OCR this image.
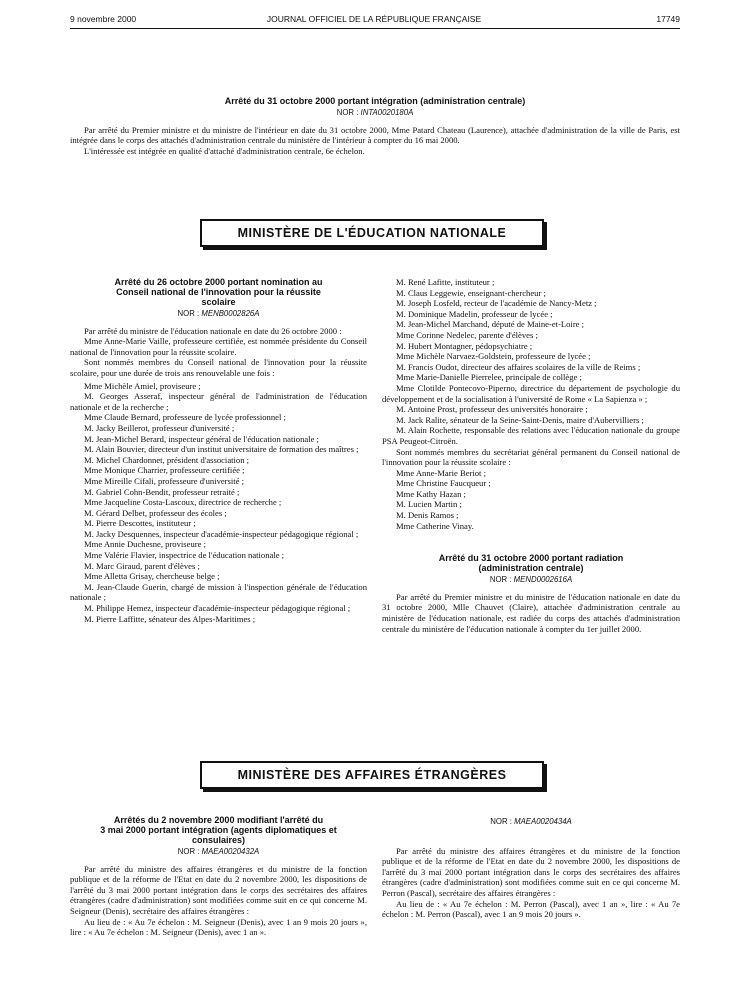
9 novembre 2000	JOURNAL OFFICIEL DE LA RÉPUBLIQUE FRANÇAISE	17749

Arrêté du 31 octobre 2000 portant intégration (administration centrale)

NOR : INTA0020180A

Par arrêté du Premier ministre et du ministre de l'intérieur en date du 31 octobre 2000, Mme Patard Chateau (Laurence), attachée d'administration de la ville de Paris, est intégrée dans le corps des attachés d'administration centrale du ministère de l'intérieur à compter du 16 mai 2000.

L'intéressée est intégrée en qualité d'attaché d'administration centrale, 6e échelon.

MINISTÈRE DE L'ÉDUCATION NATIONALE

Arrêté du 26 octobre 2000 portant nomination au

Conseil national de l'innovation pour la réussite

scolaire

NOR : MENB0002826A

Par arrêté du ministre de l'éducation nationale en date du 26 octobre 2000 :

Mme Anne-Marie Vaille, professeure certifiée, est nommée présidente du Conseil national de l'innovation pour la réussite scolaire.

Sont nommés membres du Conseil national de l'innovation pour la réussite scolaire, pour une durée de trois ans renouvelable une fois :

Mme Michèle Amiel, proviseure ;

M. Georges Asseraf, inspecteur général de l'administration de l'éducation nationale et de la recherche ;

Mme Claude Bernard, professeure de lycée professionnel ;

M. Jacky Beillerot, professeur d'université ;

M. Jean-Michel Berard, inspecteur général de l'éducation nationale ;

M. Alain Bouvier, directeur d'un institut universitaire de formation des maîtres ;

M. Michel Chardonnet, président d'association ;

Mme Monique Charrier, professeure certifiée ;

Mme Mireille Cifali, professeure d'université ;

M. Gabriel Cohn-Bendit, professeur retraité ;

Mme Jacqueline Costa-Lascoux, directrice de recherche ;

M. Gérard Delbet, professeur des écoles ;

M. Pierre Descottes, instituteur ;

M. Jacky Desquennes, inspecteur d'académie-inspecteur pédagogique régional ;

Mme Annie Duchesne, proviseure ;

Mme Valérie Flavier, inspectrice de l'éducation nationale ;

M. Marc Giraud, parent d'élèves ;

Mme Alletta Grisay, chercheuse belge ;

M. Jean-Claude Guerin, chargé de mission à l'inspection générale de l'éducation nationale ;

M. Philippe Hemez, inspecteur d'académie-inspecteur pédagogique régional ;

M. Pierre Laffitte, sénateur des Alpes-Maritimes ;

M. René Lafitte, instituteur ;

M. Claus Leggewie, enseignant-chercheur ;

M. Joseph Losfeld, recteur de l'académie de Nancy-Metz ;

M. Dominique Madelin, professeur de lycée ;

M. Jean-Michel Marchand, député de Maine-et-Loire ;

Mme Corinne Nedelec, parente d'élèves ;

M. Hubert Montagner, pédopsychiatre ;

Mme Michèle Narvaez-Goldstein, professeure de lycée ;

M. Francis Oudot, directeur des affaires scolaires de la ville de Reims ;

Mme Marie-Danielle Pierrelee, principale de collège ;

Mme Clotilde Pontecovo-Piperno, directrice du département de psychologie du développement et de la socialisation à l'université de Rome « La Sapienza » ;

M. Antoine Prost, professeur des universités honoraire ;

M. Jack Ralite, sénateur de la Seine-Saint-Denis, maire d'Aubervilliers ;

M. Alain Rochette, responsable des relations avec l'éducation nationale du groupe PSA Peugeot-Citroën.

Sont nommés membres du secrétariat général permanent du Conseil national de l'innovation pour la réussite scolaire :

Mme Anne-Marie Beriot ;

Mme Christine Faucqueur ;

Mme Kathy Hazan ;

M. Lucien Martin ;

M. Denis Ramos ;

Mme Catherine Vinay.

Arrêté du 31 octobre 2000 portant radiation

(administration centrale)

NOR : MEND0002616A

Par arrêté du Premier ministre et du ministre de l'éducation nationale en date du 31 octobre 2000, Mlle Chauvet (Claire), attachée d'administration centrale au ministère de l'éducation nationale, est radiée du corps des attachés d'administration centrale du ministère de l'éducation nationale à compter du 1er juillet 2000.

MINISTÈRE DES AFFAIRES ÉTRANGÈRES

Arrêtés du 2 novembre 2000 modifiant l'arrêté du

3 mai 2000 portant intégration (agents diplomatiques et

consulaires)

NOR : MAEA0020432A

Par arrêté du ministre des affaires étrangères et du ministre de la fonction publique et de la réforme de l'Etat en date du 2 novembre 2000, les dispositions de l'arrêté du 3 mai 2000 portant intégration dans le corps des secrétaires des affaires étrangères (cadre d'administration) sont modifiées comme suit en ce qui concerne M. Seigneur (Denis), secrétaire des affaires étrangères :

Au lieu de : « Au 7e échelon : M. Seigneur (Denis), avec 1 an 9 mois 20 jours », lire : « Au 7e échelon : M. Seigneur (Denis), avec 1 an ».

NOR : MAEA0020434A

Par arrêté du ministre des affaires étrangères et du ministre de la fonction publique et de la réforme de l'Etat en date du 2 novembre 2000, les dispositions de l'arrêté du 3 mai 2000 portant intégration dans le corps des secrétaires des affaires étrangères (cadre d'administration) sont modifiées comme suit en ce qui concerne M. Perron (Pascal), secrétaire des affaires étrangères :

Au lieu de : « Au 7e échelon : M. Perron (Pascal), avec 1 an », lire : « Au 7e échelon : M. Perron (Pascal), avec 1 an 9 mois 20 jours ».
